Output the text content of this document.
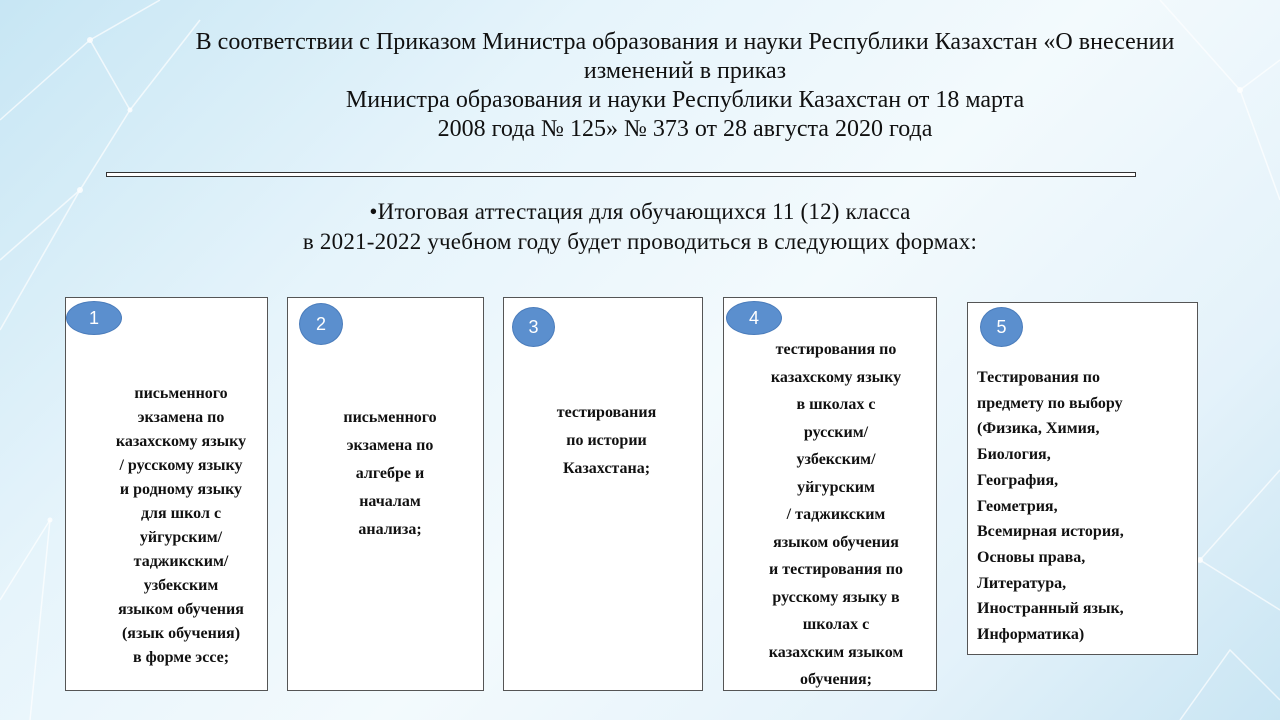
В соответствии с Приказом Министра образования и науки Республики Казахстан «О внесении
изменений в приказ
Министра образования и науки Республики Казахстан от 18 марта
2008 года № 125» № 373 от 28 августа 2020 года
•Итоговая аттестация для обучающихся 11 (12) класса
в 2021-2022 учебном году будет проводиться в следующих формах:
письменного
экзамена по
казахскому языку
/ русскому языку
и родному языку
для школ с
уйгурским/
таджикским/
узбекским
языком обучения
(язык обучения)
в форме эссе;
письменного
экзамена по
алгебре и
началам
анализа;
тестирования
по истории
Казахстана;
тестирования по
казахскому языку
в школах с
русским/
узбекским/
уйгурским
/ таджикским
языком обучения
и тестирования по
русскому языку в
школах с
казахским языком
обучения;
Тестирования по
предмету по выбору
(Физика, Химия,
Биология,
География,
Геометрия,
Всемирная история,
Основы права,
Литература,
Иностранный язык,
Информатика)
1	2	3	4	5
